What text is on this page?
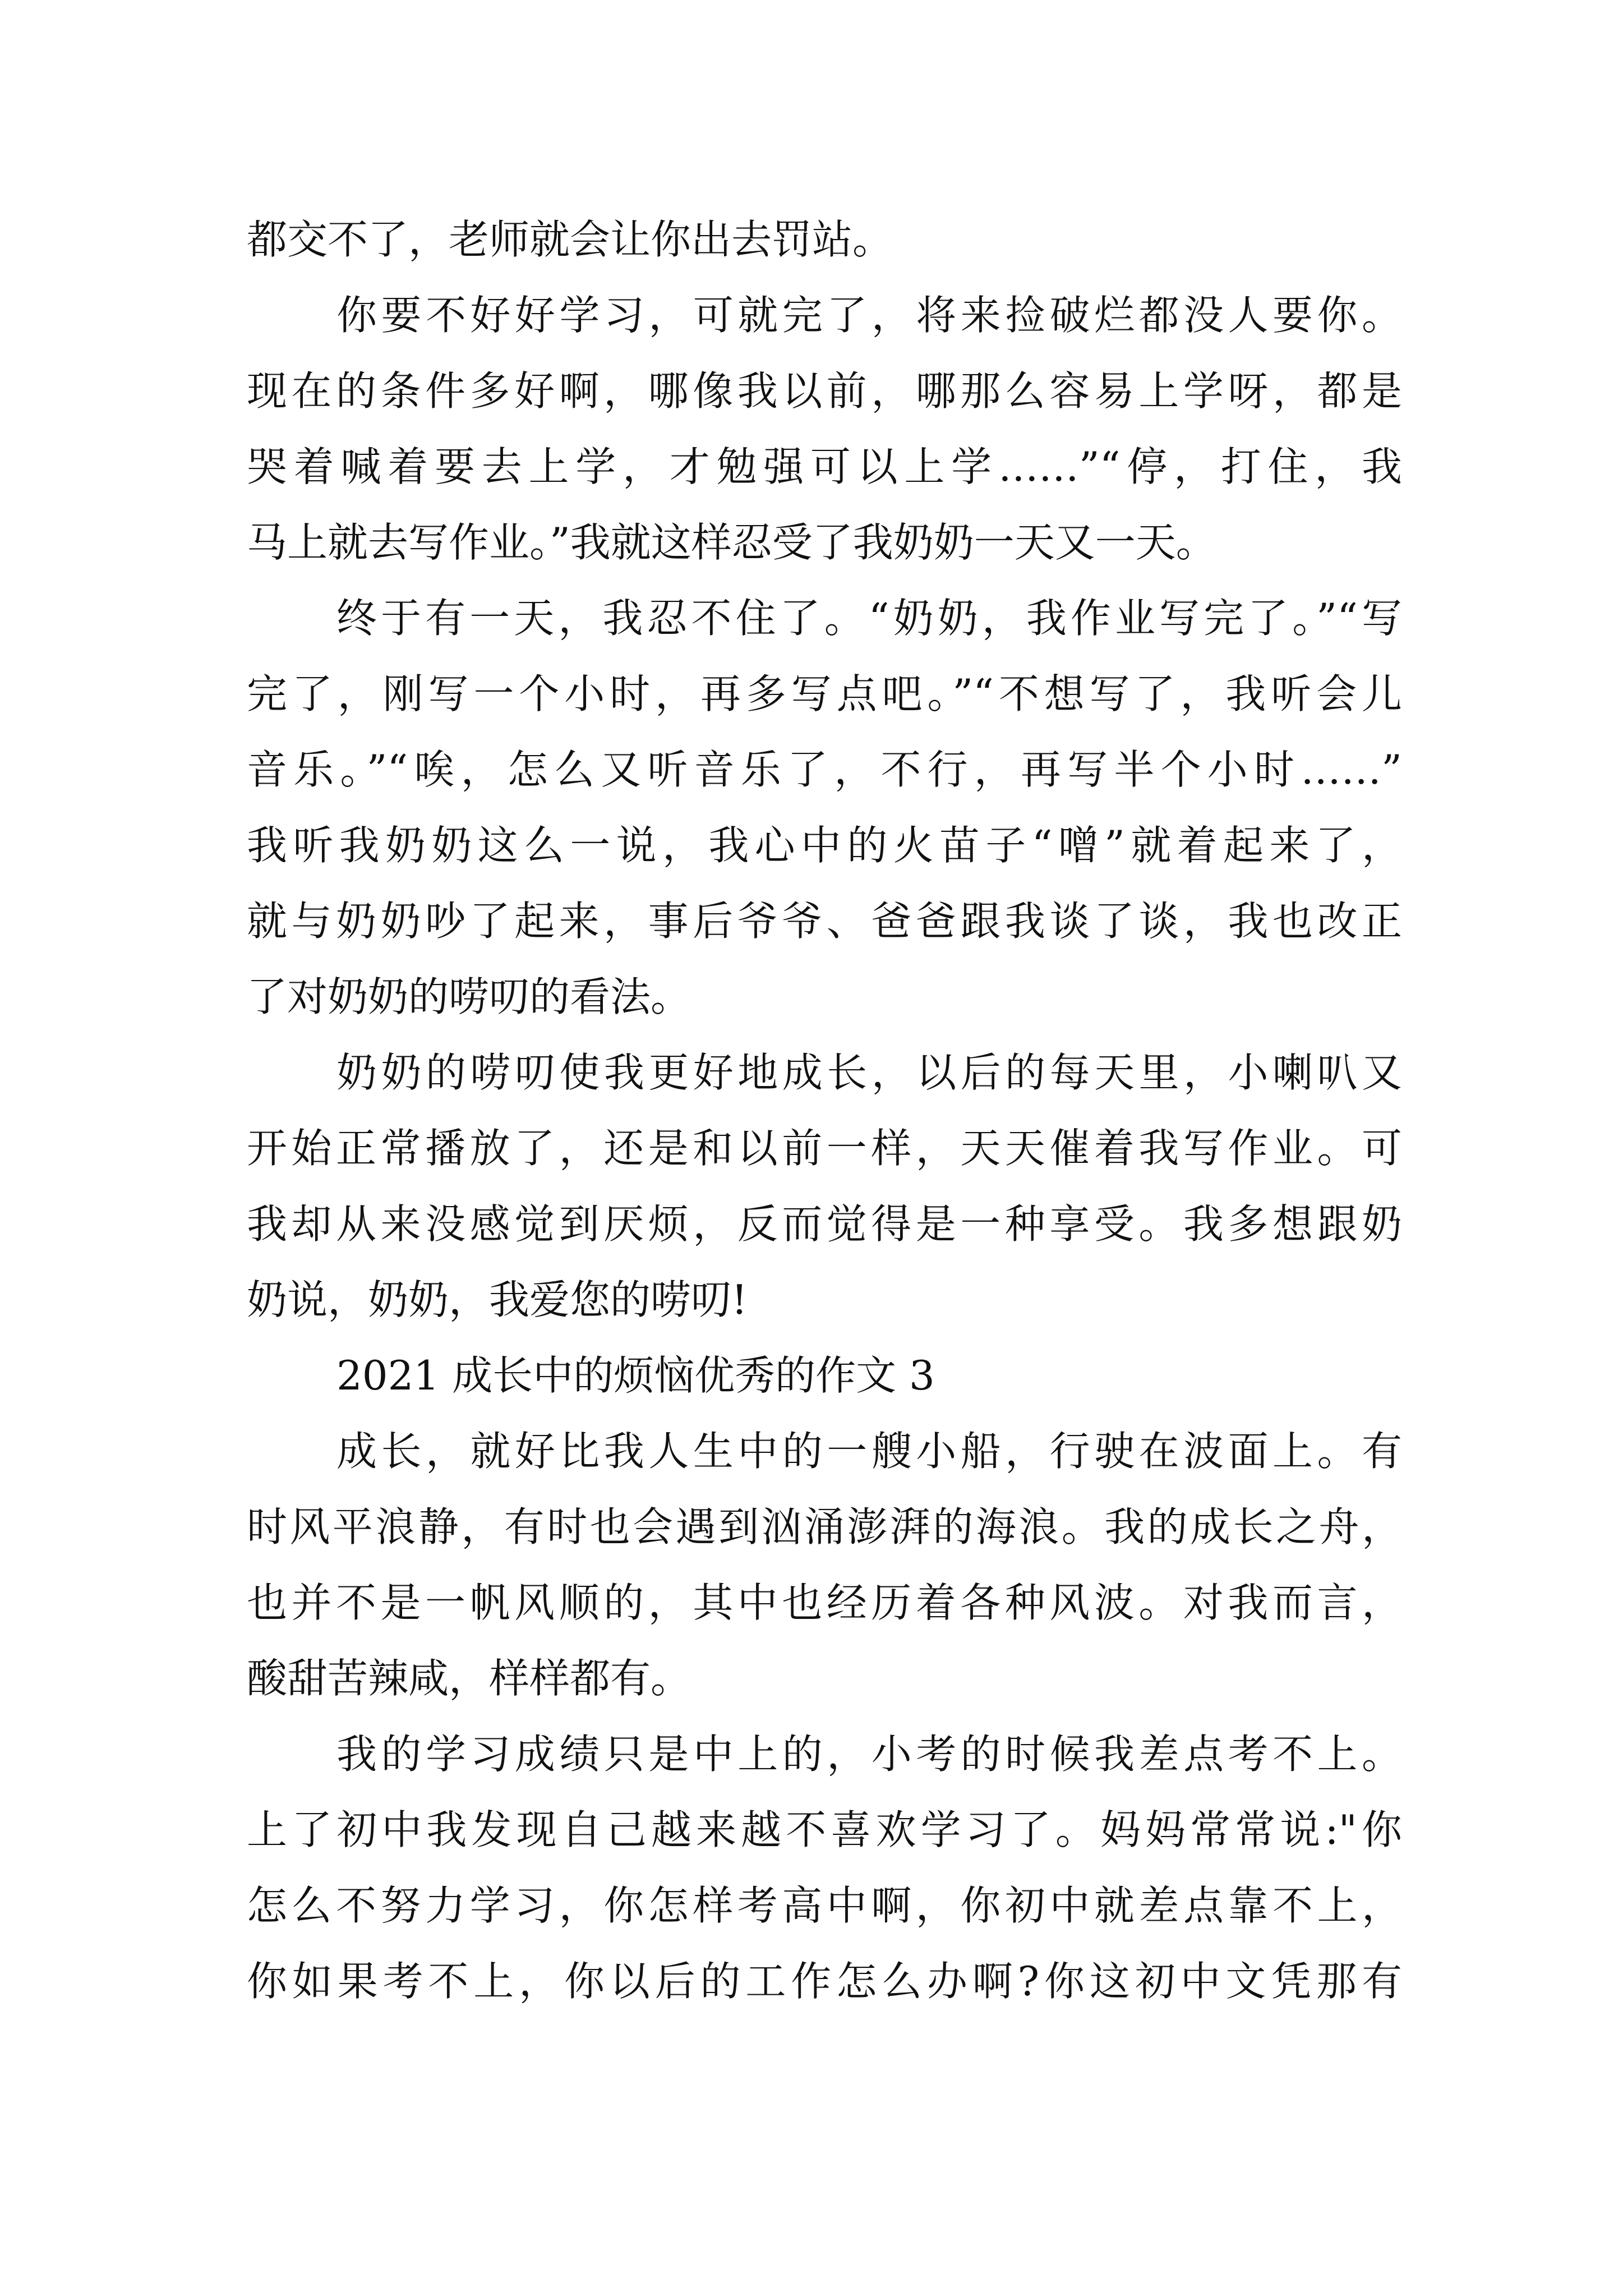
都交不了，老师就会让你出去罚站。
你要不好好学习，可就完了，将来捡破烂都没人要你。
现在的条件多好啊，哪像我以前，哪那么容易上学呀，都是
哭着喊着要去上学，才勉强可以上学……”“停，打住，我
马上就去写作业。”我就这样忍受了我奶奶一天又一天。
终于有一天，我忍不住了。“奶奶，我作业写完了。”“写
完了，刚写一个小时，再多写点吧。”“不想写了，我听会儿
音乐。”“唉，怎么又听音乐了，不行，再写半个小时……”
我听我奶奶这么一说，我心中的火苗子“噌”就着起来了，
就与奶奶吵了起来，事后爷爷、爸爸跟我谈了谈，我也改正
了对奶奶的唠叨的看法。
奶奶的唠叨使我更好地成长，以后的每天里，小喇叭又
开始正常播放了，还是和以前一样，天天催着我写作业。可
我却从来没感觉到厌烦，反而觉得是一种享受。我多想跟奶
奶说，奶奶，我爱您的唠叨!
2021 成长中的烦恼优秀的作文 3
成长，就好比我人生中的一艘小船，行驶在波面上。有
时风平浪静，有时也会遇到汹涌澎湃的海浪。我的成长之舟，
也并不是一帆风顺的，其中也经历着各种风波。对我而言，
酸甜苦辣咸，样样都有。
我的学习成绩只是中上的，小考的时候我差点考不上。
上了初中我发现自己越来越不喜欢学习了。妈妈常常说:"你
怎么不努力学习，你怎样考高中啊，你初中就差点靠不上，
你如果考不上，你以后的工作怎么办啊?你这初中文凭那有
